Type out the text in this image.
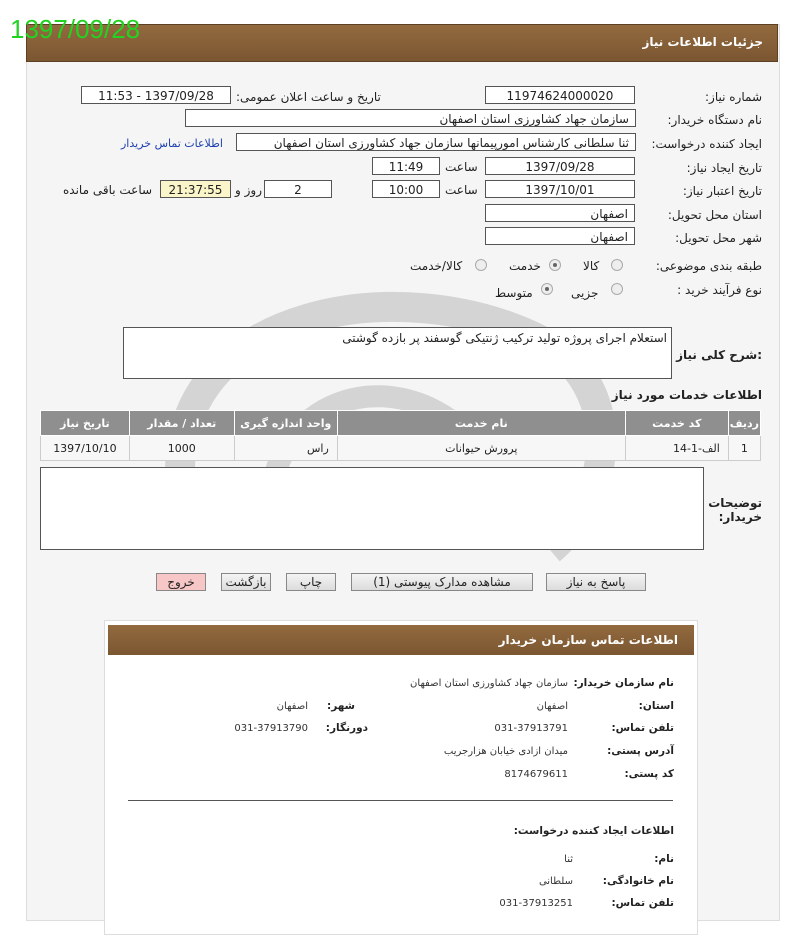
جزئیات اطلاعات نیاز
1397/09/28
شماره نیاز:
11974624000020
تاریخ و ساعت اعلان عمومی:
1397/09/28 - 11:53
نام دستگاه خریدار:
سازمان جهاد کشاورزی استان اصفهان
ایجاد کننده درخواست:
ثنا سلطانی کارشناس امورپیمانها سازمان جهاد کشاورزی استان اصفهان
اطلاعات تماس خریدار
تاریخ ایجاد نیاز:
1397/09/28
ساعت
11:49
تاریخ اعتبار نیاز:
1397/10/01
ساعت
10:00
2
روز و
21:37:55
ساعت باقی مانده
استان محل تحویل:
اصفهان
شهر محل تحویل:
اصفهان
طبقه بندی موضوعی:
کالا
خدمت
کالا/خدمت
نوع فرآیند خرید :
جزیی
متوسط
شرح کلی نیاز:
استعلام اجرای پروژه تولید ترکیب ژنتیکی گوسفند پر بازده گوشتی
اطلاعات خدمات مورد نیاز
ردیف	کد خدمت	نام خدمت	واحد اندازه گیری	تعداد / مقدار	تاریخ نیاز
1	الف-1-14	پرورش حیوانات	راس	1000	1397/10/10
توضیحات خریدار:
پاسخ به نیاز
مشاهده مدارک پیوستی (1)
چاپ
بازگشت
خروج
اطلاعات تماس سازمان خریدار
نام سازمان خریدار:
سازمان جهاد کشاورزی استان اصفهان
استان:
اصفهان
شهر:
اصفهان
تلفن تماس:
031-37913791
دورنگار:
031-37913790
آدرس پستی:
میدان ازادی خیابان هزارجریب
کد پستی:
8174679611
اطلاعات ایجاد کننده درخواست:
نام:
ثنا
نام خانوادگی:
سلطانی
تلفن تماس:
031-37913251
